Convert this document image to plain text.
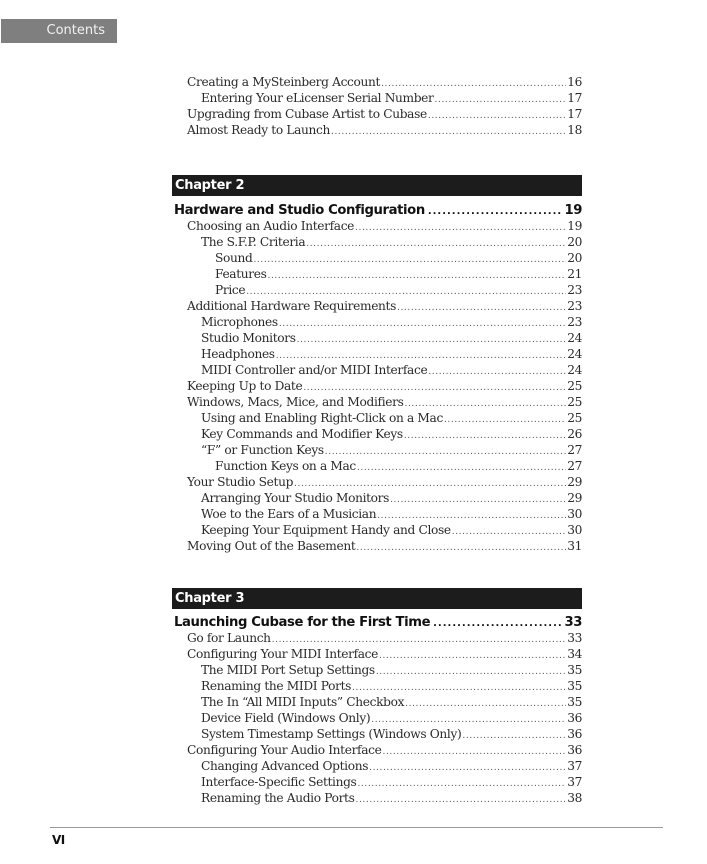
Contents
Creating a MySteinberg Account .....	16
Entering Your eLicenser Serial Number .....	17
Upgrading from Cubase Artist to Cubase .....	17
Almost Ready to Launch .....	18
Chapter 2
Hardware and Studio Configuration .....	19
Choosing an Audio Interface .....	19
The S.F.P. Criteria .....	20
Sound .....	20
Features .....	21
Price .....	23
Additional Hardware Requirements .....	23
Microphones .....	23
Studio Monitors .....	24
Headphones .....	24
MIDI Controller and/or MIDI Interface .....	24
Keeping Up to Date .....	25
Windows, Macs, Mice, and Modifiers .....	25
Using and Enabling Right-Click on a Mac .....	25
Key Commands and Modifier Keys .....	26
“F” or Function Keys .....	27
Function Keys on a Mac .....	27
Your Studio Setup .....	29
Arranging Your Studio Monitors .....	29
Woe to the Ears of a Musician .....	30
Keeping Your Equipment Handy and Close .....	30
Moving Out of the Basement .....	31
Chapter 3
Launching Cubase for the First Time .....	33
Go for Launch .....	33
Configuring Your MIDI Interface .....	34
The MIDI Port Setup Settings .....	35
Renaming the MIDI Ports .....	35
The In “All MIDI Inputs” Checkbox .....	35
Device Field (Windows Only) .....	36
System Timestamp Settings (Windows Only) .....	36
Configuring Your Audio Interface .....	36
Changing Advanced Options .....	37
Interface-Specific Settings .....	37
Renaming the Audio Ports .....	38
VI
